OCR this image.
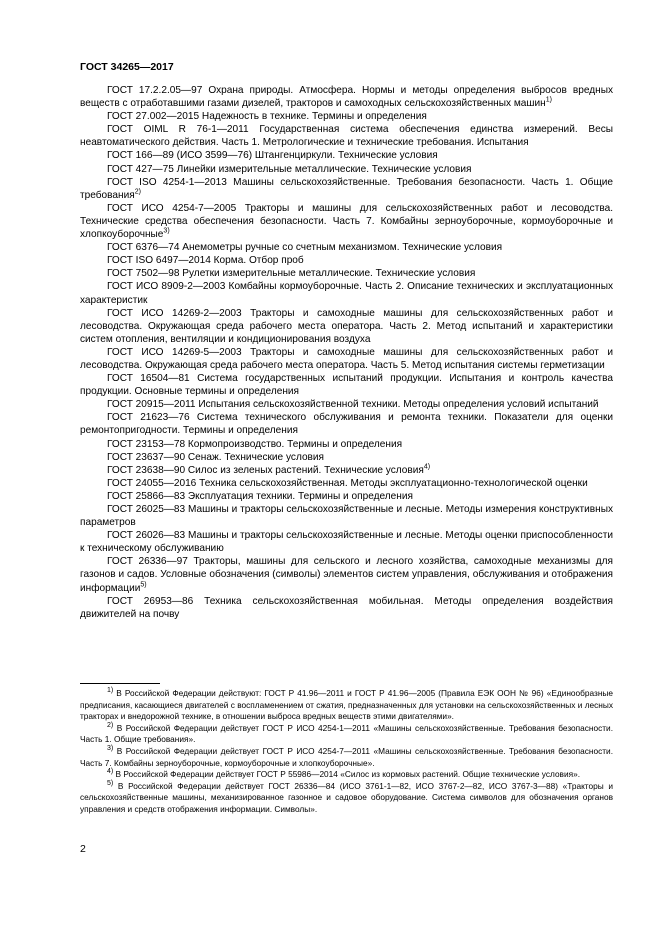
ГОСТ 34265—2017

ГОСТ 17.2.2.05—97 Охрана природы. Атмосфера. Нормы и методы определения выбросов вредных веществ с отработавшими газами дизелей, тракторов и самоходных сельскохозяйственных машин$^{1)}$

ГОСТ 27.002—2015 Надежность в технике. Термины и определения

ГОСТ OIML R 76-1—2011 Государственная система обеспечения единства измерений. Весы неавтоматического действия. Часть 1. Метрологические и технические требования. Испытания

ГОСТ 166—89 (ИСО 3599—76) Штангенциркули. Технические условия

ГОСТ 427—75 Линейки измерительные металлические. Технические условия

ГОСТ ISO 4254-1—2013 Машины сельскохозяйственные. Требования безопасности. Часть 1. Общие требования$^{2)}$

ГОСТ ИСО 4254-7—2005 Тракторы и машины для сельскохозяйственных работ и лесоводства. Технические средства обеспечения безопасности. Часть 7. Комбайны зерноуборочные, кормоуборочные и хлопкоуборочные$^{3)}$

ГОСТ 6376—74 Анемометры ручные со счетным механизмом. Технические условия

ГОСТ ISO 6497—2014 Корма. Отбор проб

ГОСТ 7502—98 Рулетки измерительные металлические. Технические условия

ГОСТ ИСО 8909-2—2003 Комбайны кормоуборочные. Часть 2. Описание технических и эксплуатационных характеристик

ГОСТ ИСО 14269-2—2003 Тракторы и самоходные машины для сельскохозяйственных работ и лесоводства. Окружающая среда рабочего места оператора. Часть 2. Метод испытаний и характеристики систем отопления, вентиляции и кондиционирования воздуха

ГОСТ ИСО 14269-5—2003 Тракторы и самоходные машины для сельскохозяйственных работ и лесоводства. Окружающая среда рабочего места оператора. Часть 5. Метод испытания системы герметизации

ГОСТ 16504—81 Система государственных испытаний продукции. Испытания и контроль качества продукции. Основные термины и определения

ГОСТ 20915—2011 Испытания сельскохозяйственной техники. Методы определения условий испытаний

ГОСТ 21623—76 Система технического обслуживания и ремонта техники. Показатели для оценки ремонтопригодности. Термины и определения

ГОСТ 23153—78 Кормопроизводство. Термины и определения

ГОСТ 23637—90 Сенаж. Технические условия

ГОСТ 23638—90 Силос из зеленых растений. Технические условия$^{4)}$

ГОСТ 24055—2016 Техника сельскохозяйственная. Методы эксплуатационно-технологической оценки

ГОСТ 25866—83 Эксплуатация техники. Термины и определения

ГОСТ 26025—83 Машины и тракторы сельскохозяйственные и лесные. Методы измерения конструктивных параметров

ГОСТ 26026—83 Машины и тракторы сельскохозяйственные и лесные. Методы оценки приспособленности к техническому обслуживанию

ГОСТ 26336—97 Тракторы, машины для сельского и лесного хозяйства, самоходные механизмы для газонов и садов. Условные обозначения (символы) элементов систем управления, обслуживания и отображения информации$^{5)}$

ГОСТ 26953—86 Техника сельскохозяйственная мобильная. Методы определения воздействия движителей на почву

$^{1)}$ В Российской Федерации действуют: ГОСТ Р 41.96—2011 и ГОСТ Р 41.96—2005 (Правила ЕЭК ООН № 96) «Единообразные предписания, касающиеся двигателей с воспламенением от сжатия, предназначенных для установки на сельскохозяйственных и лесных тракторах и внедорожной технике, в отношении выброса вредных веществ этими двигателями».

$^{2)}$ В Российской Федерации действует ГОСТ Р ИСО 4254-1—2011 «Машины сельскохозяйственные. Требования безопасности. Часть 1. Общие требования».

$^{3)}$ В Российской Федерации действует ГОСТ Р ИСО 4254-7—2011 «Машины сельскохозяйственные. Требования безопасности. Часть 7. Комбайны зерноуборочные, кормоуборочные и хлопкоуборочные».

$^{4)}$ В Российской Федерации действует ГОСТ Р 55986—2014 «Силос из кормовых растений. Общие технические условия».

$^{5)}$ В Российской Федерации действует ГОСТ 26336—84 (ИСО 3761-1—82, ИСО 3767-2—82, ИСО 3767-3—88) «Тракторы и сельскохозяйственные машины, механизированное газонное и садовое оборудование. Система символов для обозначения органов управления и средств отображения информации. Символы».

2
